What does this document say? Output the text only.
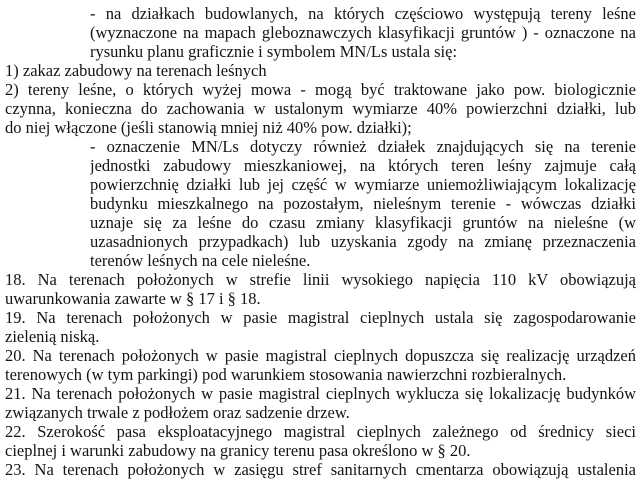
- na działkach budowlanych, na których częściowo występują tereny leśne
(wyznaczone na mapach gleboznawczych klasyfikacji gruntów ) - oznaczone na
rysunku planu graficznie i symbolem MN/Ls ustala się:
1) zakaz zabudowy na terenach leśnych
2) tereny leśne, o których wyżej mowa - mogą być traktowane jako pow. biologicznie
czynna, konieczna do zachowania w ustalonym wymiarze 40% powierzchni działki, lub
do niej włączone (jeśli stanowią mniej niż 40% pow. działki);
- oznaczenie MN/Ls dotyczy również działek znajdujących się na terenie
jednostki zabudowy mieszkaniowej, na których teren leśny zajmuje całą
powierzchnię działki lub jej część w wymiarze uniemożliwiającym lokalizację
budynku mieszkalnego na pozostałym, nieleśnym terenie - wówczas działki
uznaje się za leśne do czasu zmiany klasyfikacji gruntów na nieleśne (w
uzasadnionych przypadkach) lub uzyskania zgody na zmianę przeznaczenia
terenów leśnych na cele nieleśne.
18. Na terenach położonych w strefie linii wysokiego napięcia 110 kV obowiązują
uwarunkowania zawarte w § 17 i § 18.
19. Na terenach położonych w pasie magistral cieplnych ustala się zagospodarowanie
zielenią niską.
20. Na terenach położonych w pasie magistral cieplnych dopuszcza się realizację urządzeń
terenowych (w tym parkingi) pod warunkiem stosowania nawierzchni rozbieralnych.
21. Na terenach położonych w pasie magistral cieplnych wyklucza się lokalizację budynków
związanych trwale z podłożem oraz sadzenie drzew.
22. Szerokość pasa eksploatacyjnego magistral cieplnych zależnego od średnicy sieci
cieplnej i warunki zabudowy na granicy terenu pasa określono w § 20.
23. Na terenach położonych w zasięgu stref sanitarnych cmentarza obowiązują ustalenia
